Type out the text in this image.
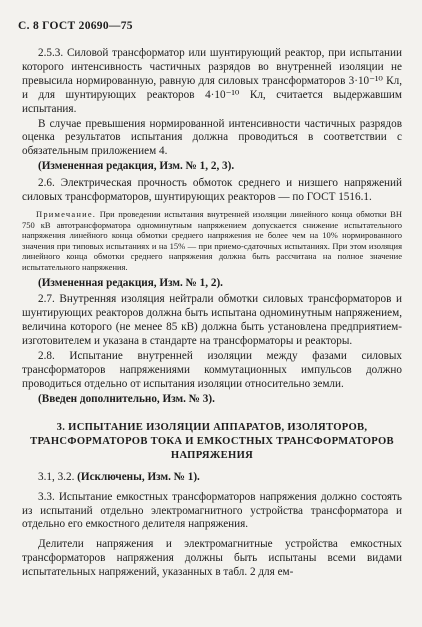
С. 8 ГОСТ 20690—75

2.5.3. Силовой трансформатор или шунтирующий реактор, при испытании которого интенсивность частичных разрядов во внутренней изоляции не превысила нормированную, равную для силовых трансформаторов 3·10⁻¹⁰ Кл, и для шунтирующих реакторов 4·10⁻¹⁰ Кл, считается выдержавшим испытания.

В случае превышения нормированной интенсивности частичных разрядов оценка результатов испытания должна проводиться в соответствии с обязательным приложением 4.

(Измененная редакция, Изм. № 1, 2, 3).

2.6. Электрическая прочность обмоток среднего и низшего напряжений силовых трансформаторов, шунтирующих реакторов — по ГОСТ 1516.1.

Примечание. При проведении испытания внутренней изоляции линейного конца обмотки ВН 750 кВ автотрансформатора одноминутным напряжением допускается снижение испытательного напряжения линейного конца обмотки среднего напряжения не более чем на 10% нормированного значения при типовых испытаниях и на 15% — при приемо-сдаточных испытаниях. При этом изоляция линейного конца обмотки среднего напряжения должна быть рассчитана на полное значение испытательного напряжения.

(Измененная редакция, Изм. № 1, 2).

2.7. Внутренняя изоляция нейтрали обмотки силовых трансформаторов и шунтирующих реакторов должна быть испытана одноминутным напряжением, величина которого (не менее 85 кВ) должна быть установлена предприятием-изготовителем и указана в стандарте на трансформаторы и реакторы.

2.8. Испытание внутренней изоляции между фазами силовых трансформаторов напряжениями коммутационных импульсов должно проводиться отдельно от испытания изоляции относительно земли.

(Введен дополнительно, Изм. № 3).

3. ИСПЫТАНИЕ ИЗОЛЯЦИИ АППАРАТОВ, ИЗОЛЯТОРОВ, ТРАНСФОРМАТОРОВ ТОКА И ЕМКОСТНЫХ ТРАНСФОРМАТОРОВ НАПРЯЖЕНИЯ

3.1, 3.2. (Исключены, Изм. № 1).

3.3. Испытание емкостных трансформаторов напряжения должно состоять из испытаний отдельно электромагнитного устройства трансформатора и отдельно его емкостного делителя напряжения.

Делители напряжения и электромагнитные устройства емкостных трансформаторов напряжения должны быть испытаны всеми видами испытательных напряжений, указанных в табл. 2 для ем-
